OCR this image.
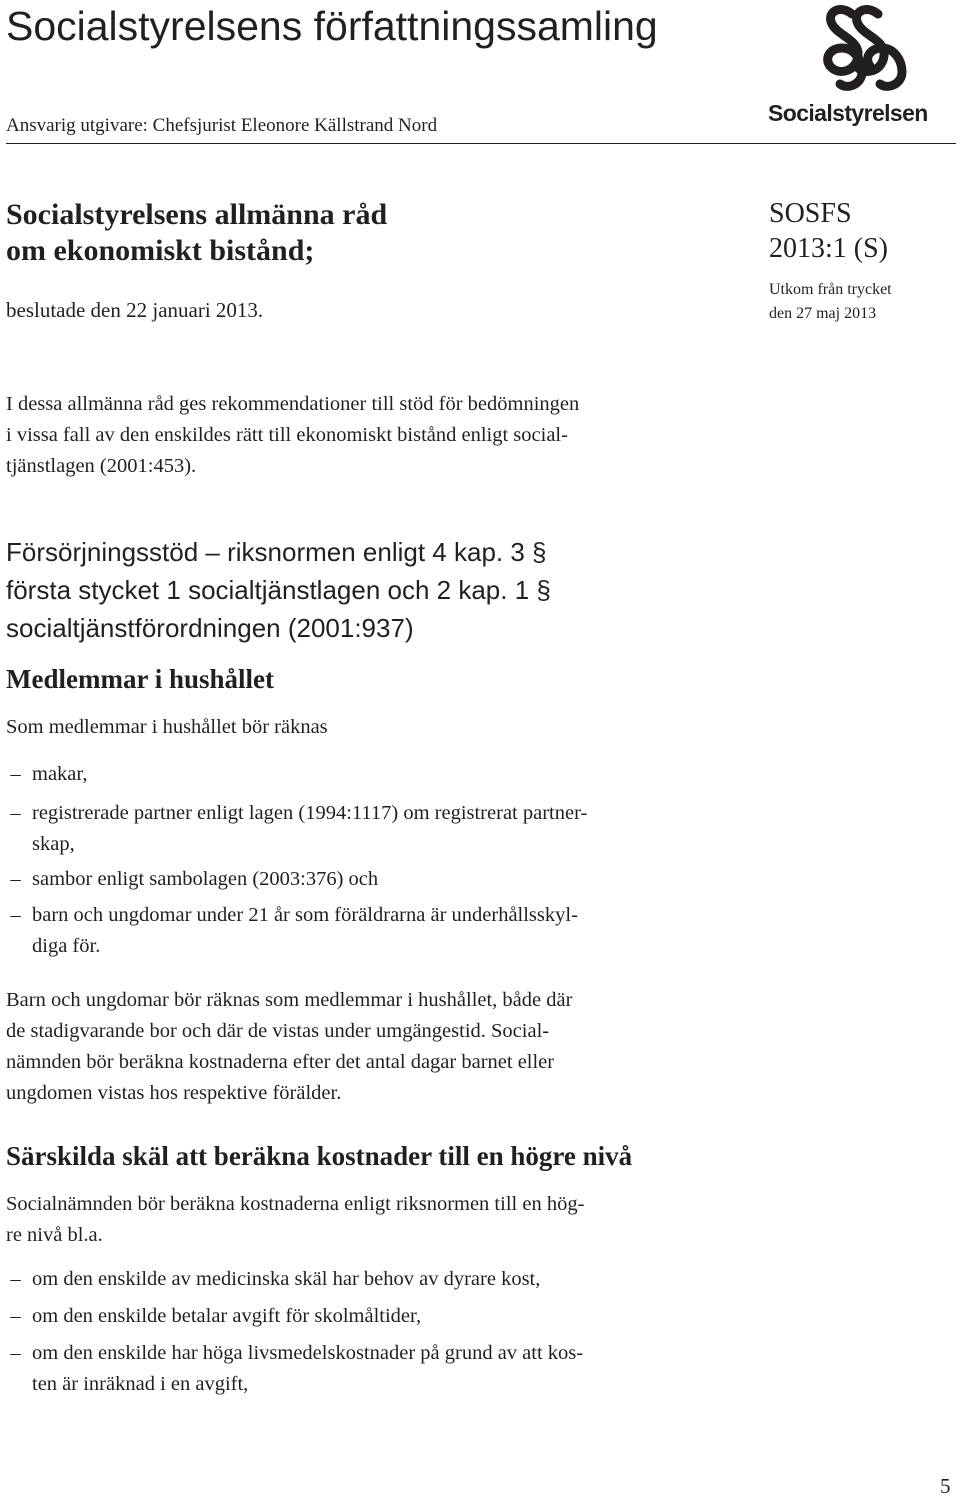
Socialstyrelsens författningssamling
Ansvarig utgivare: Chefsjurist Eleonore Källstrand Nord	Socialstyrelsen
Socialstyrelsens allmänna råd
om ekonomiskt bistånd;
beslutade den 22 januari 2013.
SOSFS
2013:1 (S)
Utkom från trycket
den 27 maj 2013
I dessa allmänna råd ges rekommendationer till stöd för bedömningen
i vissa fall av den enskildes rätt till ekonomiskt bistånd enligt social-
tjänstlagen (2001:453).
Försörjningsstöd – riksnormen enligt 4 kap. 3 §
första stycket 1 socialtjänstlagen och 2 kap. 1 §
socialtjänstförordningen (2001:937)
Medlemmar i hushållet
Som medlemmar i hushållet bör räknas
– makar,
– registrerade partner enligt lagen (1994:1117) om registrerat partner-
skap,
– sambor enligt sambolagen (2003:376) och
– barn och ungdomar under 21 år som föräldrarna är underhållsskyl-
diga för.
Barn och ungdomar bör räknas som medlemmar i hushållet, både där
de stadigvarande bor och där de vistas under umgängestid. Social-
nämnden bör beräkna kostnaderna efter det antal dagar barnet eller
ungdomen vistas hos respektive förälder.
Särskilda skäl att beräkna kostnader till en högre nivå
Socialnämnden bör beräkna kostnaderna enligt riksnormen till en hög-
re nivå bl.a.
– om den enskilde av medicinska skäl har behov av dyrare kost,
– om den enskilde betalar avgift för skolmåltider,
– om den enskilde har höga livsmedelskostnader på grund av att kos-
ten är inräknad i en avgift,
5
